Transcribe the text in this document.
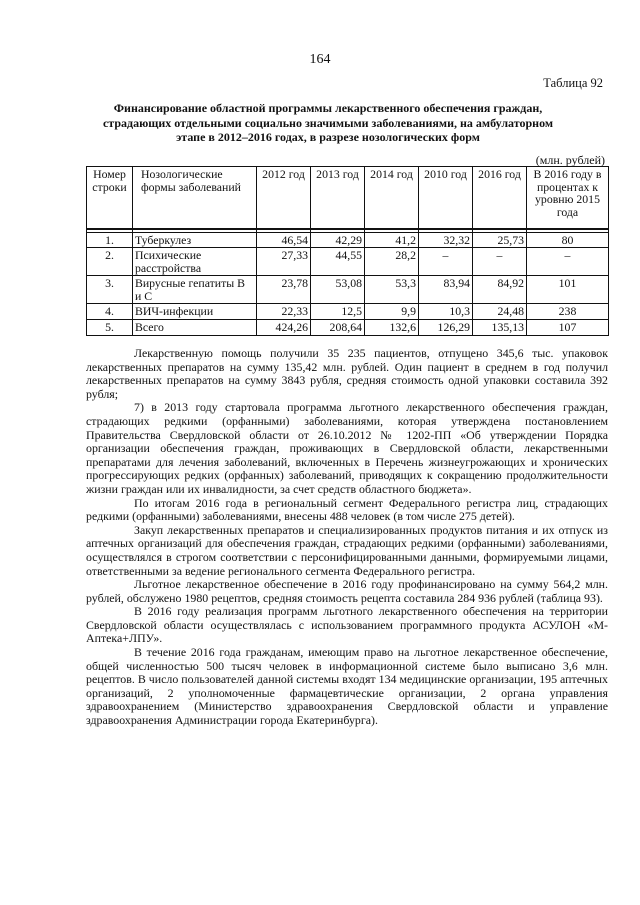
164
Таблица 92
Финансирование областной программы лекарственного обеспечения граждан, страдающих отдельными социально значимыми заболеваниями, на амбулаторном этапе в 2012–2016 годах, в разрезе нозологических форм
(млн. рублей)
Номер строки	Нозологические формы заболеваний	2012 год	2013 год	2014 год	2010 год	2016 год	В 2016 году в процентах к уровню 2015 года

1.	Туберкулез	46,54	42,29	41,2	32,32	25,73	80
2.	Психические расстройства	27,33	44,55	28,2	–	–	–
3.	Вирусные гепатиты В и С	23,78	53,08	53,3	83,94	84,92	101
4.	ВИЧ-инфекции	22,33	12,5	9,9	10,3	24,48	238
5.	Всего	424,26	208,64	132,6	126,29	135,13	107

Лекарственную помощь получили 35 235 пациентов, отпущено 345,6 тыс. упаковок лекарственных препаратов на сумму 135,42 млн. рублей. Один пациент в среднем в год получил лекарственных препаратов на сумму 3843 рубля, средняя стоимость одной упаковки составила 392 рубля;

7) в 2013 году стартовала программа льготного лекарственного обеспечения граждан, страдающих редкими (орфанными) заболеваниями, которая утверждена постановлением Правительства Свердловской области от 26.10.2012 № 1202-ПП «Об утверждении Порядка организации обеспечения граждан, проживающих в Свердловской области, лекарственными препаратами для лечения заболеваний, включенных в Перечень жизнеугрожающих и хронических прогрессирующих редких (орфанных) заболеваний, приводящих к сокращению продолжительности жизни граждан или их инвалидности, за счет средств областного бюджета».

По итогам 2016 года в региональный сегмент Федерального регистра лиц, страдающих редкими (орфанными) заболеваниями, внесены 488 человек (в том числе 275 детей).

Закуп лекарственных препаратов и специализированных продуктов питания и их отпуск из аптечных организаций для обеспечения граждан, страдающих редкими (орфанными) заболеваниями, осуществлялся в строгом соответствии с персонифицированными данными, формируемыми лицами, ответственными за ведение регионального сегмента Федерального регистра.

Льготное лекарственное обеспечение в 2016 году профинансировано на сумму 564,2 млн. рублей, обслужено 1980 рецептов, средняя стоимость рецепта составила 284 936 рублей (таблица 93).

В 2016 году реализация программ льготного лекарственного обеспечения на территории Свердловской области осуществлялась с использованием программного продукта АСУЛОН «М-Аптека+ЛПУ».

В течение 2016 года гражданам, имеющим право на льготное лекарственное обеспечение, общей численностью 500 тысяч человек в информационной системе было выписано 3,6 млн. рецептов. В число пользователей данной системы входят 134 медицинские организации, 195 аптечных организаций, 2 уполномоченные фармацевтические организации, 2 органа управления здравоохранением (Министерство здравоохранения Свердловской области и управление здравоохранения Администрации города Екатеринбурга).
